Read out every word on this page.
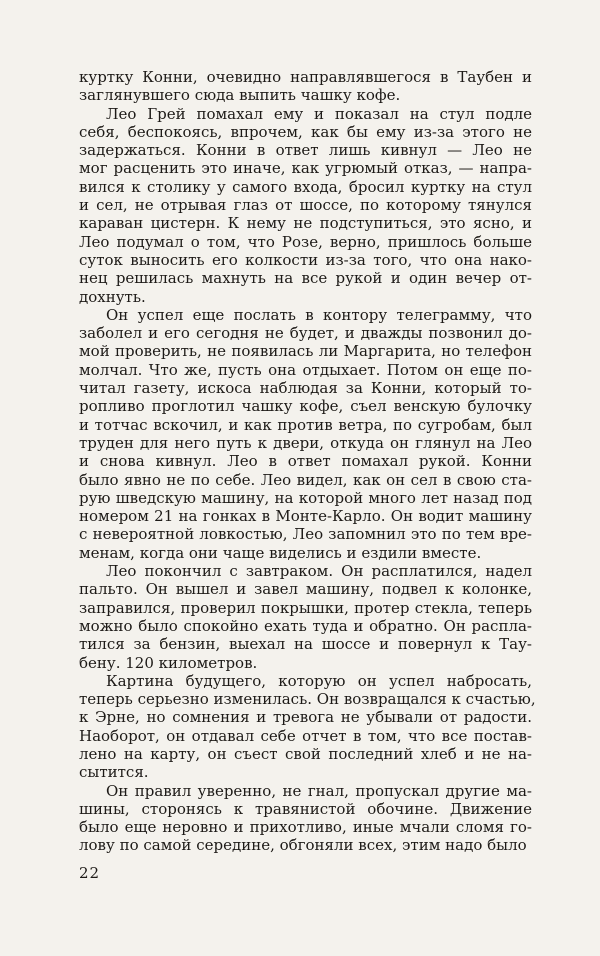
куртку Конни, очевидно направлявшегося в Таубен и
заглянувшего сюда выпить чашку кофе.

Лео Грей помахал ему и показал на стул подле
себя, беспокоясь, впрочем, как бы ему из-за этого не
задержаться. Конни в ответ лишь кивнул — Лео не
мог расценить это иначе, как угрюмый отказ, — напра-
вился к столику у самого входа, бросил куртку на стул
и сел, не отрывая глаз от шоссе, по которому тянулся
караван цистерн. К нему не подступиться, это ясно, и
Лео подумал о том, что Розе, верно, пришлось больше
суток выносить его колкости из-за того, что она нако-
нец решилась махнуть на все рукой и один вечер от-
дохнуть.

Он успел еще послать в контору телеграмму, что
заболел и его сегодня не будет, и дважды позвонил до-
мой проверить, не появилась ли Маргарита, но телефон
молчал. Что же, пусть она отдыхает. Потом он еще по-
читал газету, искоса наблюдая за Конни, который то-
ропливо проглотил чашку кофе, съел венскую булочку
и тотчас вскочил, и как против ветра, по сугробам, был
труден для него путь к двери, откуда он глянул на Лео
и снова кивнул. Лео в ответ помахал рукой. Конни
было явно не по себе. Лео видел, как он сел в свою ста-
рую шведскую машину, на которой много лет назад под
номером 21 на гонках в Монте-Карло. Он водит машину
с невероятной ловкостью, Лео запомнил это по тем вре-
менам, когда они чаще виделись и ездили вместе.

Лео покончил с завтраком. Он расплатился, надел
пальто. Он вышел и завел машину, подвел к колонке,
заправился, проверил покрышки, протер стекла, теперь
можно было спокойно ехать туда и обратно. Он распла-
тился за бензин, выехал на шоссе и повернул к Тау-
бену. 120 километров.

Картина будущего, которую он успел набросать,
теперь серьезно изменилась. Он возвращался к счастью,
к Эрне, но сомнения и тревога не убывали от радости.
Наоборот, он отдавал себе отчет в том, что все постав-
лено на карту, он съест свой последний хлеб и не на-
сытится.

Он правил уверенно, не гнал, пропускал другие ма-
шины, сторонясь к травянистой обочине. Движение
было еще неровно и прихотливо, иные мчали сломя го-
лову по самой середине, обгоняли всех, этим надо было

22
